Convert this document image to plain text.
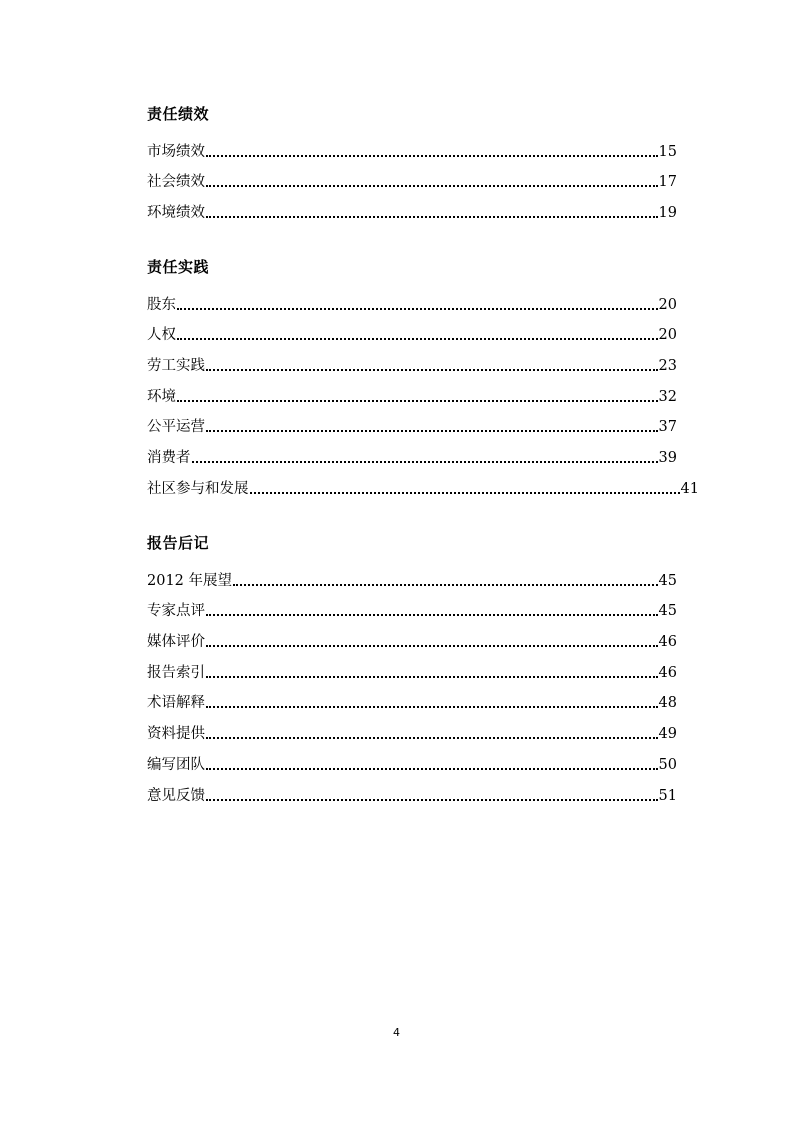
责任绩效
市场绩效	15
社会绩效	17
环境绩效	19
责任实践
股东	20
人权	20
劳工实践	23
环境	32
公平运营	37
消费者	39
社区参与和发展	41
报告后记
2012 年展望	45
专家点评	45
媒体评价	46
报告索引	46
术语解释	48
资料提供	49
编写团队	50
意见反馈	51
4
